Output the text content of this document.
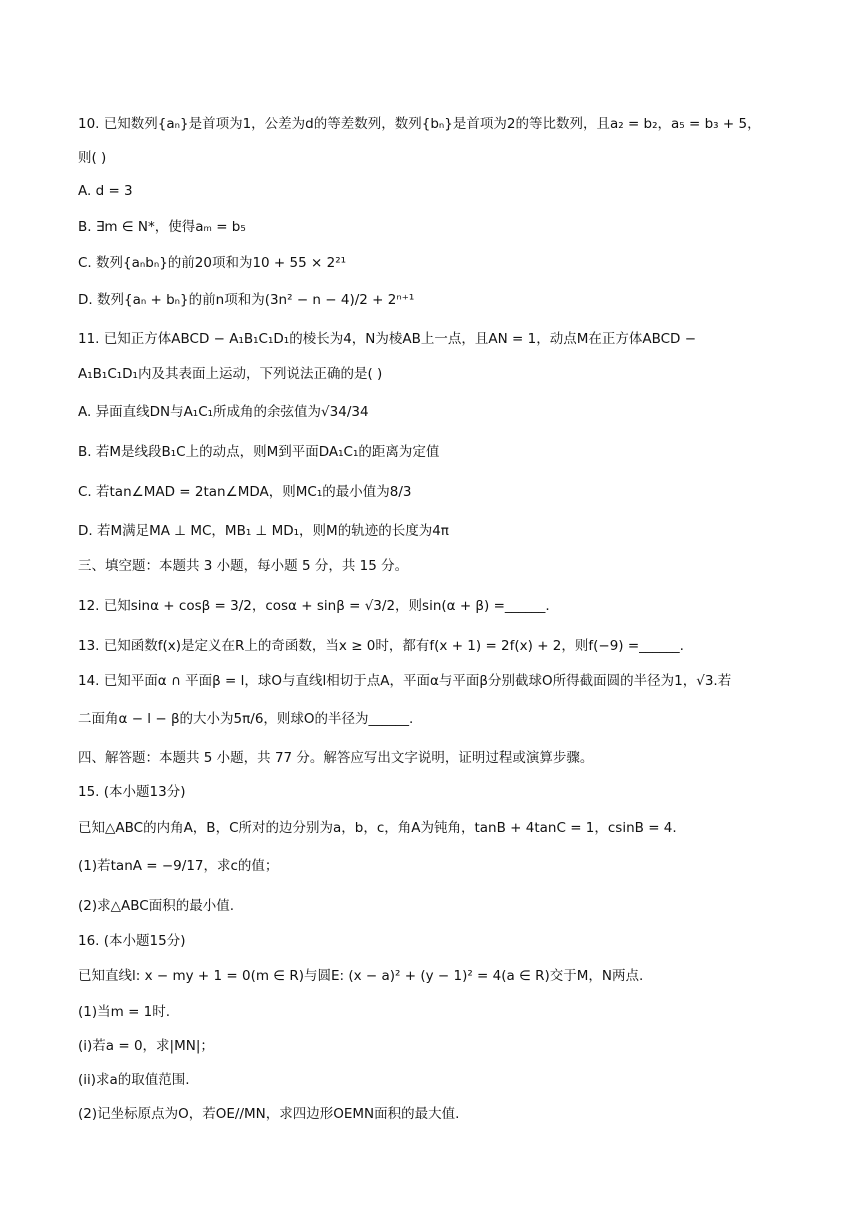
10. 已知数列{aₙ}是首项为1，公差为d的等差数列，数列{bₙ}是首项为2的等比数列，且a₂ = b₂，a₅ = b₃ + 5，
则( )
A. d = 3
B. ∃m ∈ N*，使得aₘ = b₅
C. 数列{aₙbₙ}的前20项和为10 + 55 × 2²¹
D. 数列{aₙ + bₙ}的前n项和为(3n² − n − 4)/2 + 2ⁿ⁺¹
11. 已知正方体ABCD − A₁B₁C₁D₁的棱长为4，N为棱AB上一点，且AN = 1，动点M在正方体ABCD −
A₁B₁C₁D₁内及其表面上运动，下列说法正确的是( )
A. 异面直线DN与A₁C₁所成角的余弦值为√34/34
B. 若M是线段B₁C上的动点，则M到平面DA₁C₁的距离为定值
C. 若tan∠MAD = 2tan∠MDA，则MC₁的最小值为8/3
D. 若M满足MA ⊥ MC，MB₁ ⊥ MD₁，则M的轨迹的长度为4π
三、填空题：本题共 3 小题，每小题 5 分，共 15 分。
12. 已知sinα + cosβ = 3/2，cosα + sinβ = √3/2，则sin(α + β) =______.
13. 已知函数f(x)是定义在R上的奇函数，当x ≥ 0时，都有f(x + 1) = 2f(x) + 2，则f(−9) =______.
14. 已知平面α ∩ 平面β = l，球O与直线l相切于点A，平面α与平面β分别截球O所得截面圆的半径为1，√3.若
二面角α − l − β的大小为5π/6，则球O的半径为______.
四、解答题：本题共 5 小题，共 77 分。解答应写出文字说明，证明过程或演算步骤。
15. (本小题13分)
已知△ABC的内角A，B，C所对的边分别为a，b，c，角A为钝角，tanB + 4tanC = 1，csinB = 4.
(1)若tanA = −9/17，求c的值；
(2)求△ABC面积的最小值.
16. (本小题15分)
已知直线l: x − my + 1 = 0(m ∈ R)与圆E: (x − a)² + (y − 1)² = 4(a ∈ R)交于M，N两点.
(1)当m = 1时.
(i)若a = 0，求|MN|；
(ii)求a的取值范围.
(2)记坐标原点为O，若OE//MN，求四边形OEMN面积的最大值.
